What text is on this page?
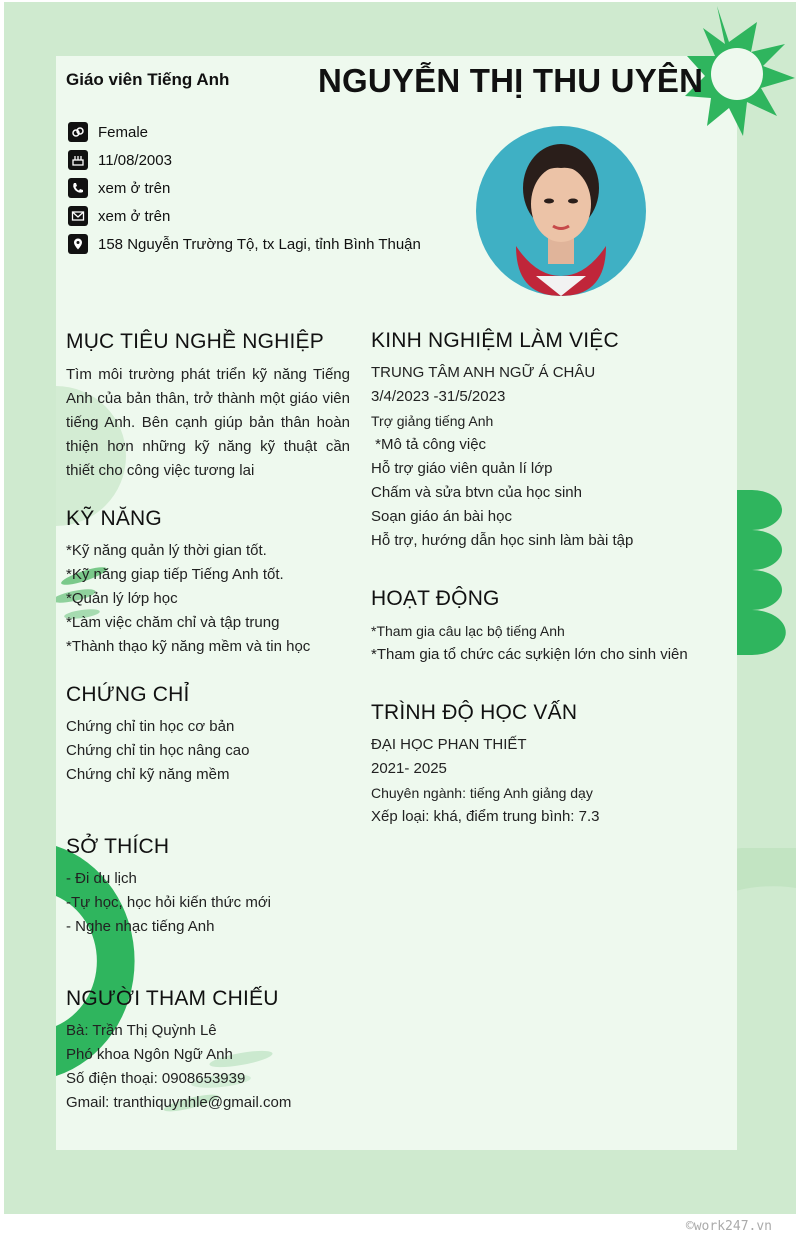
Giáo viên Tiếng Anh	NGUYỄN THỊ THU UYÊN
Female
11/08/2003
xem ở trên
xem ở trên
158 Nguyễn Trường Tộ, tx Lagi, tỉnh Bình Thuận
MỤC TIÊU NGHỀ NGHIỆP
Tìm môi trường phát triển kỹ năng Tiếng Anh của bản thân, trở thành một giáo viên tiếng Anh. Bên cạnh giúp bản thân hoàn thiện hơn những kỹ năng kỹ thuật cần thiết cho công việc tương lai
KỸ NĂNG
*Kỹ năng quản lý thời gian tốt.
*Kỹ năng giap tiếp Tiếng Anh tốt.
*Quản lý lớp học
*Làm việc chăm chỉ và tập trung
*Thành thạo kỹ năng mềm và tin học
CHỨNG CHỈ
Chứng chỉ tin học cơ bản
Chứng chỉ tin học nâng cao
Chứng chỉ kỹ năng mềm
SỞ THÍCH
- Đi du lịch
-Tự học, học hỏi kiến thức mới
- Nghe nhạc tiếng Anh
NGƯỜI THAM CHIẾU
Bà: Trần Thị Quỳnh Lê
Phó khoa Ngôn Ngữ Anh
Số điện thoại: 0908653939
Gmail: tranthiquynhle@gmail.com
KINH NGHIỆM LÀM VIỆC
TRUNG TÂM ANH NGỮ Á CHÂU
3/4/2023 -31/5/2023
Trợ giảng tiếng Anh
*Mô tả công việc
Hỗ trợ giáo viên quản lí lớp
Chấm và sửa btvn của học sinh
Soạn giáo án bài học
Hỗ trợ, hướng dẫn học sinh làm bài tập
HOẠT ĐỘNG
*Tham gia câu lạc bộ tiếng Anh
*Tham gia tổ chức các sựkiện lớn cho sinh viên
TRÌNH ĐỘ HỌC VẤN
ĐẠI HỌC PHAN THIẾT
2021- 2025
Chuyên ngành: tiếng Anh giảng dạy
Xếp loại: khá, điểm trung bình: 7.3
©work247.vn
